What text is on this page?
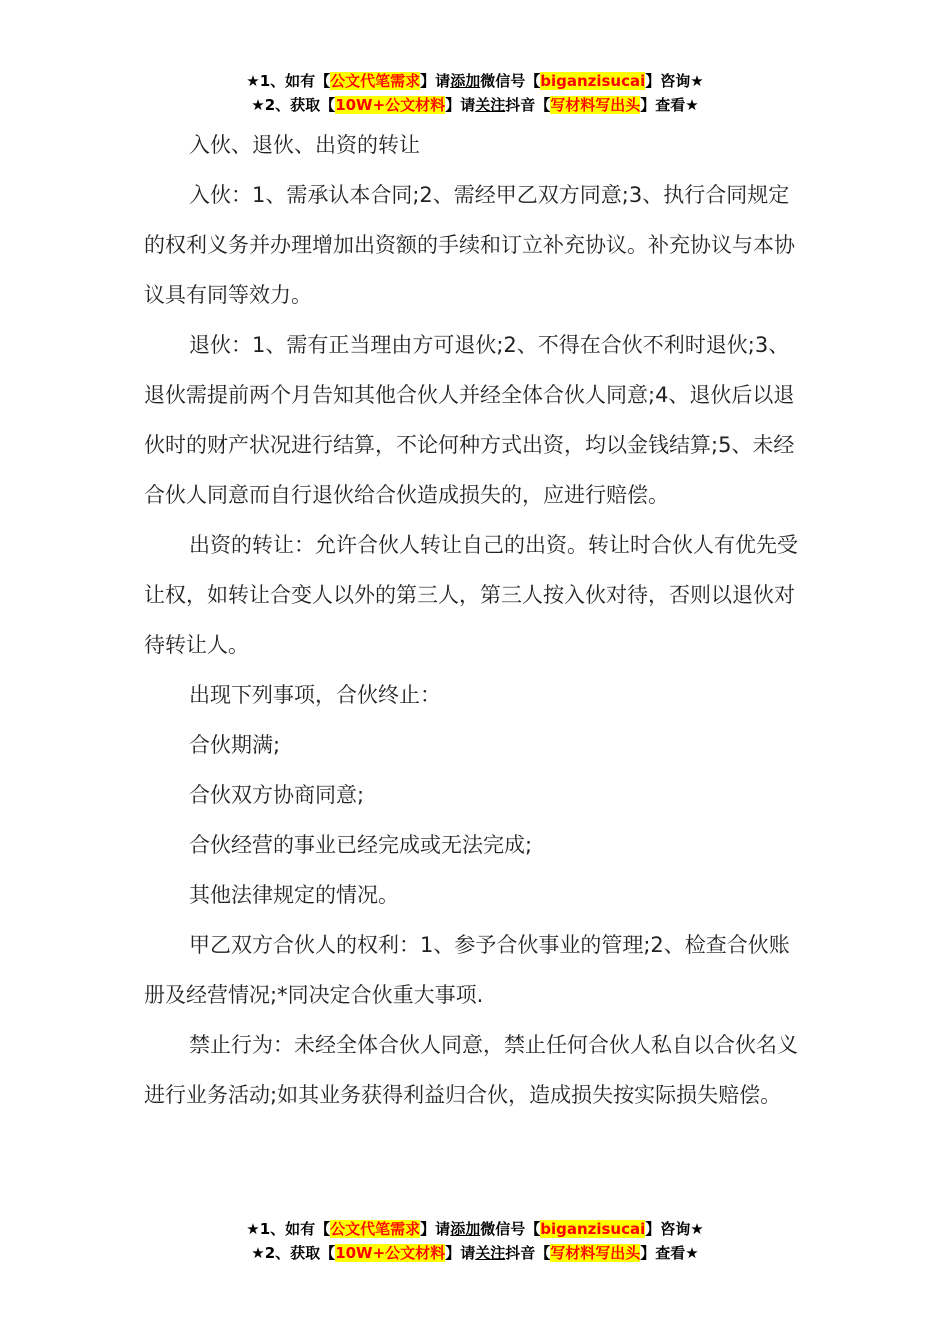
★1、如有【公文代笔需求】请添加微信号【biganzisucai】咨询★
★2、获取【10W+公文材料】请关注抖音【写材料写出头】查看★

入伙、退伙、出资的转让

入伙：1、需承认本合同;2、需经甲乙双方同意;3、执行合同规定的权利义务并办理增加出资额的手续和订立补充协议。补充协议与本协议具有同等效力。

退伙：1、需有正当理由方可退伙;2、不得在合伙不利时退伙;3、退伙需提前两个月告知其他合伙人并经全体合伙人同意;4、退伙后以退伙时的财产状况进行结算，不论何种方式出资，均以金钱结算;5、未经合伙人同意而自行退伙给合伙造成损失的，应进行赔偿。

出资的转让：允许合伙人转让自己的出资。转让时合伙人有优先受让权，如转让合变人以外的第三人，第三人按入伙对待，否则以退伙对待转让人。

出现下列事项，合伙终止：

合伙期满;

合伙双方协商同意;

合伙经营的事业已经完成或无法完成;

其他法律规定的情况。

甲乙双方合伙人的权利：1、参予合伙事业的管理;2、检查合伙账册及经营情况;*同决定合伙重大事项.

禁止行为：未经全体合伙人同意，禁止任何合伙人私自以合伙名义进行业务活动;如其业务获得利益归合伙，造成损失按实际损失赔偿。

★1、如有【公文代笔需求】请添加微信号【biganzisucai】咨询★
★2、获取【10W+公文材料】请关注抖音【写材料写出头】查看★
